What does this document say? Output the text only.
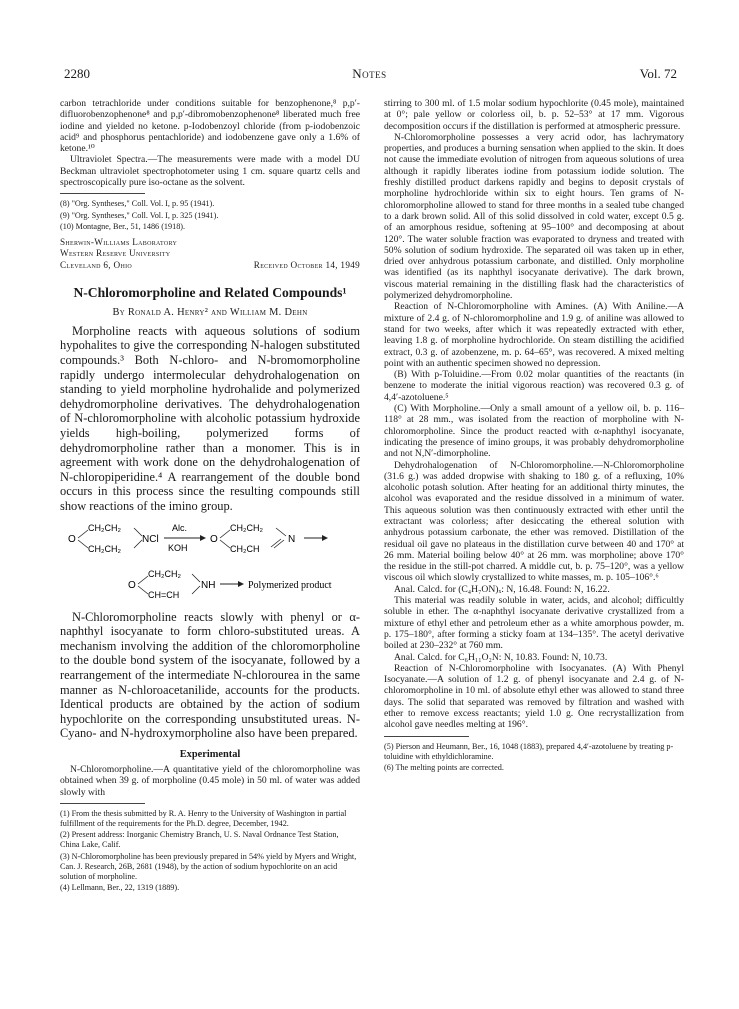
2280	Notes	Vol. 72

carbon tetrachloride under conditions suitable for benzophenone,⁸ p,p′-difluorobenzophenone⁸ and p,p′-dibromobenzophenone⁸ liberated much free iodine and yielded no ketone. p-Iodobenzoyl chloride (from p-iodobenzoic acid⁹ and phosphorus pentachloride) and iodobenzene gave only a 1.6% of ketone.¹⁰

Ultraviolet Spectra.—The measurements were made with a model DU Beckman ultraviolet spectrophotometer using 1 cm. square quartz cells and spectroscopically pure iso-octane as the solvent.

(8) "Org. Syntheses," Coll. Vol. I, p. 95 (1941).

(9) "Org. Syntheses," Coll. Vol. I, p. 325 (1941).

(10) Montagne, Ber., 51, 1486 (1918).

Sherwin-Williams Laboratory
Western Reserve University
Cleveland 6, Ohio	Received October 14, 1949
N-Chloromorpholine and Related Compounds¹
By Ronald A. Henry² and William M. Dehn

Morpholine reacts with aqueous solutions of sodium hypohalites to give the corresponding N-halogen substituted compounds.³ Both N-chloro- and N-bromomorpholine rapidly undergo intermolecular dehydrohalogenation on standing to yield morpholine hydrohalide and polymerized dehydromorpholine derivatives. The dehydrohalogenation of N-chloromorpholine with alcoholic potassium hydroxide yields high-boiling, polymerized forms of dehydromorpholine rather than a monomer. This is in agreement with work done on the dehydrohalogenation of N-chloropiperidine.⁴ A rearrangement of the double bond occurs in this process since the resulting compounds still show reactions of the imino group.

O
CH₂CH₂
CH₂CH₂
NCl
Alc.
KOH
O
CH₂CH₂
CH₂CH
N
O
CH₂CH₂
CH=CH
NH	Polymerized product

N-Chloromorpholine reacts slowly with phenyl or α-naphthyl isocyanate to form chloro-substituted ureas. A mechanism involving the addition of the chloromorpholine to the double bond system of the isocyanate, followed by a rearrangement of the intermediate N-chlorourea in the same manner as N-chloroacetanilide, accounts for the products. Identical products are obtained by the action of sodium hypochlorite on the corresponding unsubstituted ureas. N-Cyano- and N-hydroxymorpholine also have been prepared.

Experimental

N-Chloromorpholine.—A quantitative yield of the chloromorpholine was obtained when 39 g. of morpholine (0.45 mole) in 50 ml. of water was added slowly with

(1) From the thesis submitted by R. A. Henry to the University of Washington in partial fulfillment of the requirements for the Ph.D. degree, December, 1942.

(2) Present address: Inorganic Chemistry Branch, U. S. Naval Ordnance Test Station, China Lake, Calif.

(3) N-Chloromorpholine has been previously prepared in 54% yield by Myers and Wright, Can. J. Research, 26B, 2681 (1948), by the action of sodium hypochlorite on an acid solution of morpholine.

(4) Lellmann, Ber., 22, 1319 (1889).

stirring to 300 ml. of 1.5 molar sodium hypochlorite (0.45 mole), maintained at 0°; pale yellow or colorless oil, b. p. 52–53° at 17 mm. Vigorous decomposition occurs if the distillation is performed at atmospheric pressure.

N-Chloromorpholine possesses a very acrid odor, has lachrymatory properties, and produces a burning sensation when applied to the skin. It does not cause the immediate evolution of nitrogen from aqueous solutions of urea although it rapidly liberates iodine from potassium iodide solution. The freshly distilled product darkens rapidly and begins to deposit crystals of morpholine hydrochloride within six to eight hours. Ten grams of N-chloromorpholine allowed to stand for three months in a sealed tube changed to a dark brown solid. All of this solid dissolved in cold water, except 0.5 g. of an amorphous residue, softening at 95–100° and decomposing at about 120°. The water soluble fraction was evaporated to dryness and treated with 50% solution of sodium hydroxide. The separated oil was taken up in ether, dried over anhydrous potassium carbonate, and distilled. Only morpholine was identified (as its naphthyl isocyanate derivative). The dark brown, viscous material remaining in the distilling flask had the characteristics of polymerized dehydromorpholine.

Reaction of N-Chloromorpholine with Amines. (A) With Aniline.—A mixture of 2.4 g. of N-chloromorpholine and 1.9 g. of aniline was allowed to stand for two weeks, after which it was repeatedly extracted with ether, leaving 1.8 g. of morpholine hydrochloride. On steam distilling the acidified extract, 0.3 g. of azobenzene, m. p. 64–65°, was recovered. A mixed melting point with an authentic specimen showed no depression.

(B) With p-Toluidine.—From 0.02 molar quantities of the reactants (in benzene to moderate the initial vigorous reaction) was recovered 0.3 g. of 4,4′-azotoluene.⁵

(C) With Morpholine.—Only a small amount of a yellow oil, b. p. 116–118° at 28 mm., was isolated from the reaction of morpholine with N-chloromorpholine. Since the product reacted with α-naphthyl isocyanate, indicating the presence of imino groups, it was probably dehydromorpholine and not N,N′-dimorpholine.

Dehydrohalogenation of N-Chloromorpholine.—N-Chloromorpholine (31.6 g.) was added dropwise with shaking to 180 g. of a refluxing, 10% alcoholic potash solution. After heating for an additional thirty minutes, the alcohol was evaporated and the residue dissolved in a minimum of water. This aqueous solution was then continuously extracted with ether until the extractant was colorless; after desiccating the ethereal solution with anhydrous potassium carbonate, the ether was removed. Distillation of the residual oil gave no plateaus in the distillation curve between 40 and 170° at 26 mm. Material boiling below 40° at 26 mm. was morpholine; above 170° the residue in the still-pot charred. A middle cut, b. p. 75–120°, was a yellow viscous oil which slowly crystallized to white masses, m. p. 105–106°.⁶

Anal. Calcd. for (C₄H₇ON)ₓ: N, 16.48. Found: N, 16.22.

This material was readily soluble in water, acids, and alcohol; difficultly soluble in ether. The α-naphthyl isocyanate derivative crystallized from a mixture of ethyl ether and petroleum ether as a white amorphous powder, m. p. 175–180°, after forming a sticky foam at 134–135°. The acetyl derivative boiled at 230–232° at 760 mm.

Anal. Calcd. for C₆H₁₁O₂N: N, 10.83. Found: N, 10.73.

Reaction of N-Chloromorpholine with Isocyanates. (A) With Phenyl Isocyanate.—A solution of 1.2 g. of phenyl isocyanate and 2.4 g. of N-chloromorpholine in 10 ml. of absolute ethyl ether was allowed to stand three days. The solid that separated was removed by filtration and washed with ether to remove excess reactants; yield 1.0 g. One recrystallization from alcohol gave needles melting at 196°.

(5) Pierson and Heumann, Ber., 16, 1048 (1883), prepared 4,4′-azotoluene by treating p-toluidine with ethyldichloramine.

(6) The melting points are corrected.
